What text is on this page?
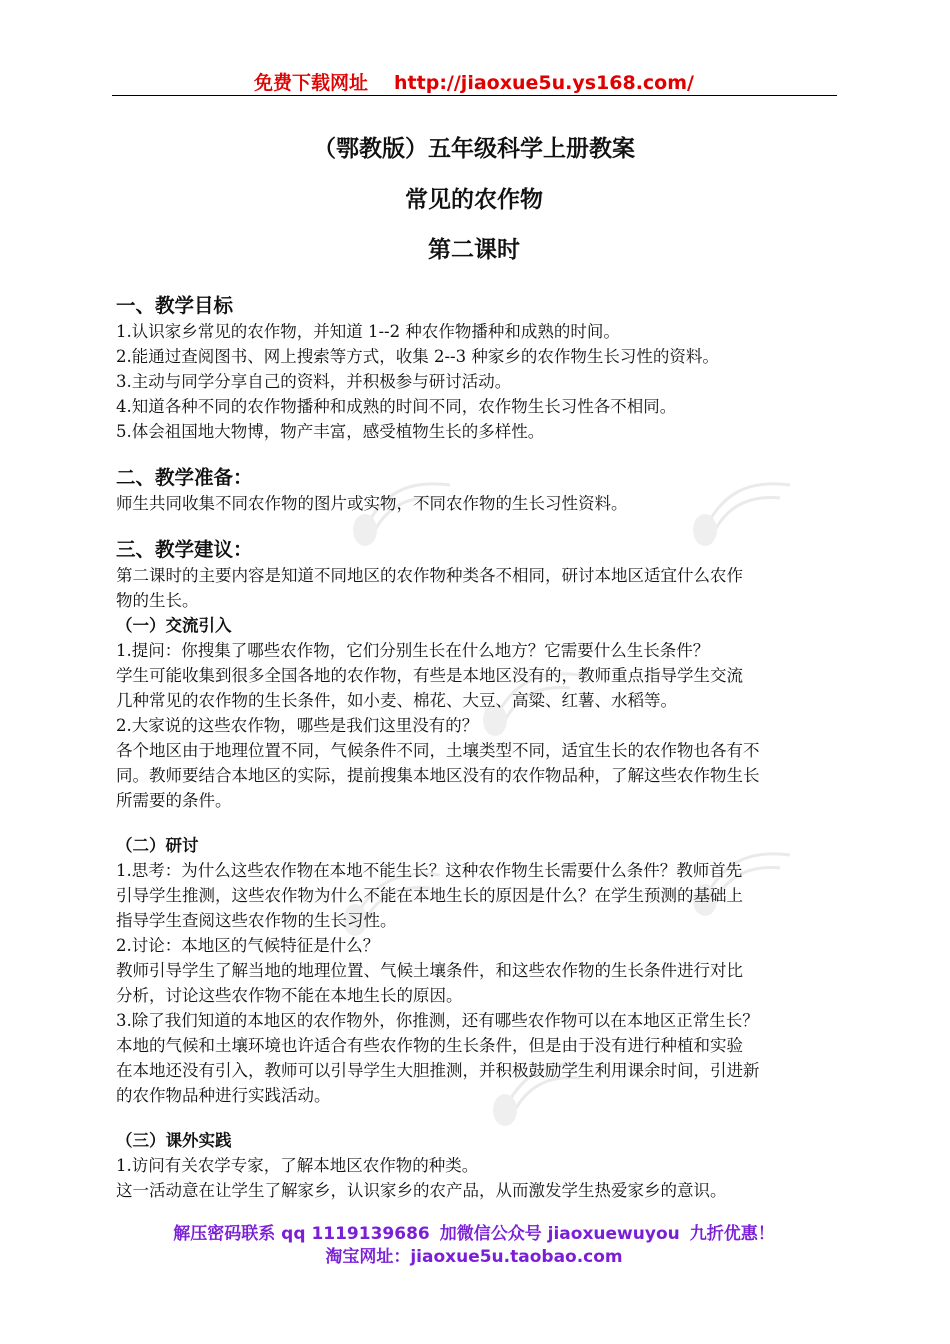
免费下载网址 http://jiaoxue5u.ys168.com/
（鄂教版）五年级科学上册教案
常见的农作物
第二课时

一、教学目标

1.认识家乡常见的农作物，并知道 1--2 种农作物播种和成熟的时间。

2.能通过查阅图书、网上搜索等方式，收集 2--3 种家乡的农作物生长习性的资料。

3.主动与同学分享自己的资料，并积极参与研讨活动。

4.知道各种不同的农作物播种和成熟的时间不同，农作物生长习性各不相同。

5.体会祖国地大物博，物产丰富，感受植物生长的多样性。

二、教学准备：

师生共同收集不同农作物的图片或实物，不同农作物的生长习性资料。

三、教学建议：

第二课时的主要内容是知道不同地区的农作物种类各不相同，研讨本地区适宜什么农作

物的生长。

（一）交流引入

1.提问：你搜集了哪些农作物，它们分别生长在什么地方？它需要什么生长条件？

学生可能收集到很多全国各地的农作物，有些是本地区没有的，教师重点指导学生交流

几种常见的农作物的生长条件，如小麦、棉花、大豆、高粱、红薯、水稻等。

2.大家说的这些农作物，哪些是我们这里没有的？

各个地区由于地理位置不同，气候条件不同，土壤类型不同，适宜生长的农作物也各有不

同。教师要结合本地区的实际，提前搜集本地区没有的农作物品种，了解这些农作物生长

所需要的条件。

（二）研讨

1.思考：为什么这些农作物在本地不能生长？这种农作物生长需要什么条件？教师首先

引导学生推测，这些农作物为什么不能在本地生长的原因是什么？在学生预测的基础上

指导学生查阅这些农作物的生长习性。

2.讨论：本地区的气候特征是什么？

教师引导学生了解当地的地理位置、气候土壤条件，和这些农作物的生长条件进行对比

分析，讨论这些农作物不能在本地生长的原因。

3.除了我们知道的本地区的农作物外，你推测，还有哪些农作物可以在本地区正常生长？

本地的气候和土壤环境也许适合有些农作物的生长条件，但是由于没有进行种植和实验

在本地还没有引入，教师可以引导学生大胆推测，并积极鼓励学生利用课余时间，引进新

的农作物品种进行实践活动。

（三）课外实践

1.访问有关农学专家，了解本地区农作物的种类。

这一活动意在让学生了解家乡，认识家乡的农产品，从而激发学生热爱家乡的意识。

解压密码联系 qq 1119139686 加微信公众号 jiaoxuewuyou 九折优惠！
淘宝网址：jiaoxue5u.taobao.com
